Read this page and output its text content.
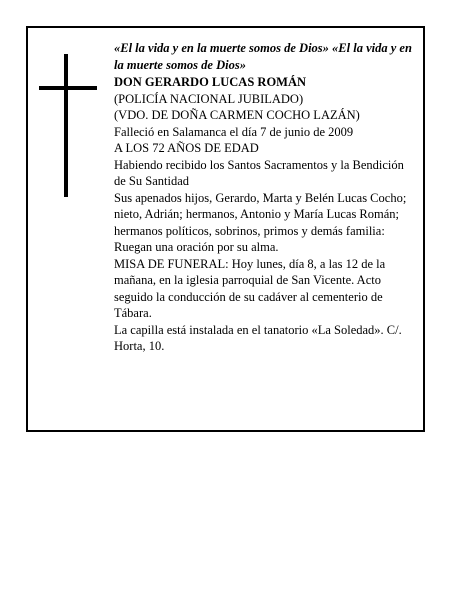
«El la vida y en la muerte somos de Dios» «El la vida y en la muerte somos de Dios»
DON GERARDO LUCAS ROMÁN
(POLICÍA NACIONAL JUBILADO)
(VDO. DE DOÑA CARMEN COCHO LAZÁN)
Falleció en Salamanca el día 7 de junio de 2009
A LOS 72 AÑOS DE EDAD
Habiendo recibido los Santos Sacramentos y la Bendición de Su Santidad
Sus apenados hijos, Gerardo, Marta y Belén Lucas Cocho; nieto, Adrián; hermanos, Antonio y María Lucas Román; hermanos políticos, sobrinos, primos y demás familia:
Ruegan una oración por su alma.
MISA DE FUNERAL: Hoy lunes, día 8, a las 12 de la mañana, en la iglesia parroquial de San Vicente. Acto seguido la conducción de su cadáver al cementerio de Tábara.
La capilla está instalada en el tanatorio «La Soledad». C/. Horta, 10.
